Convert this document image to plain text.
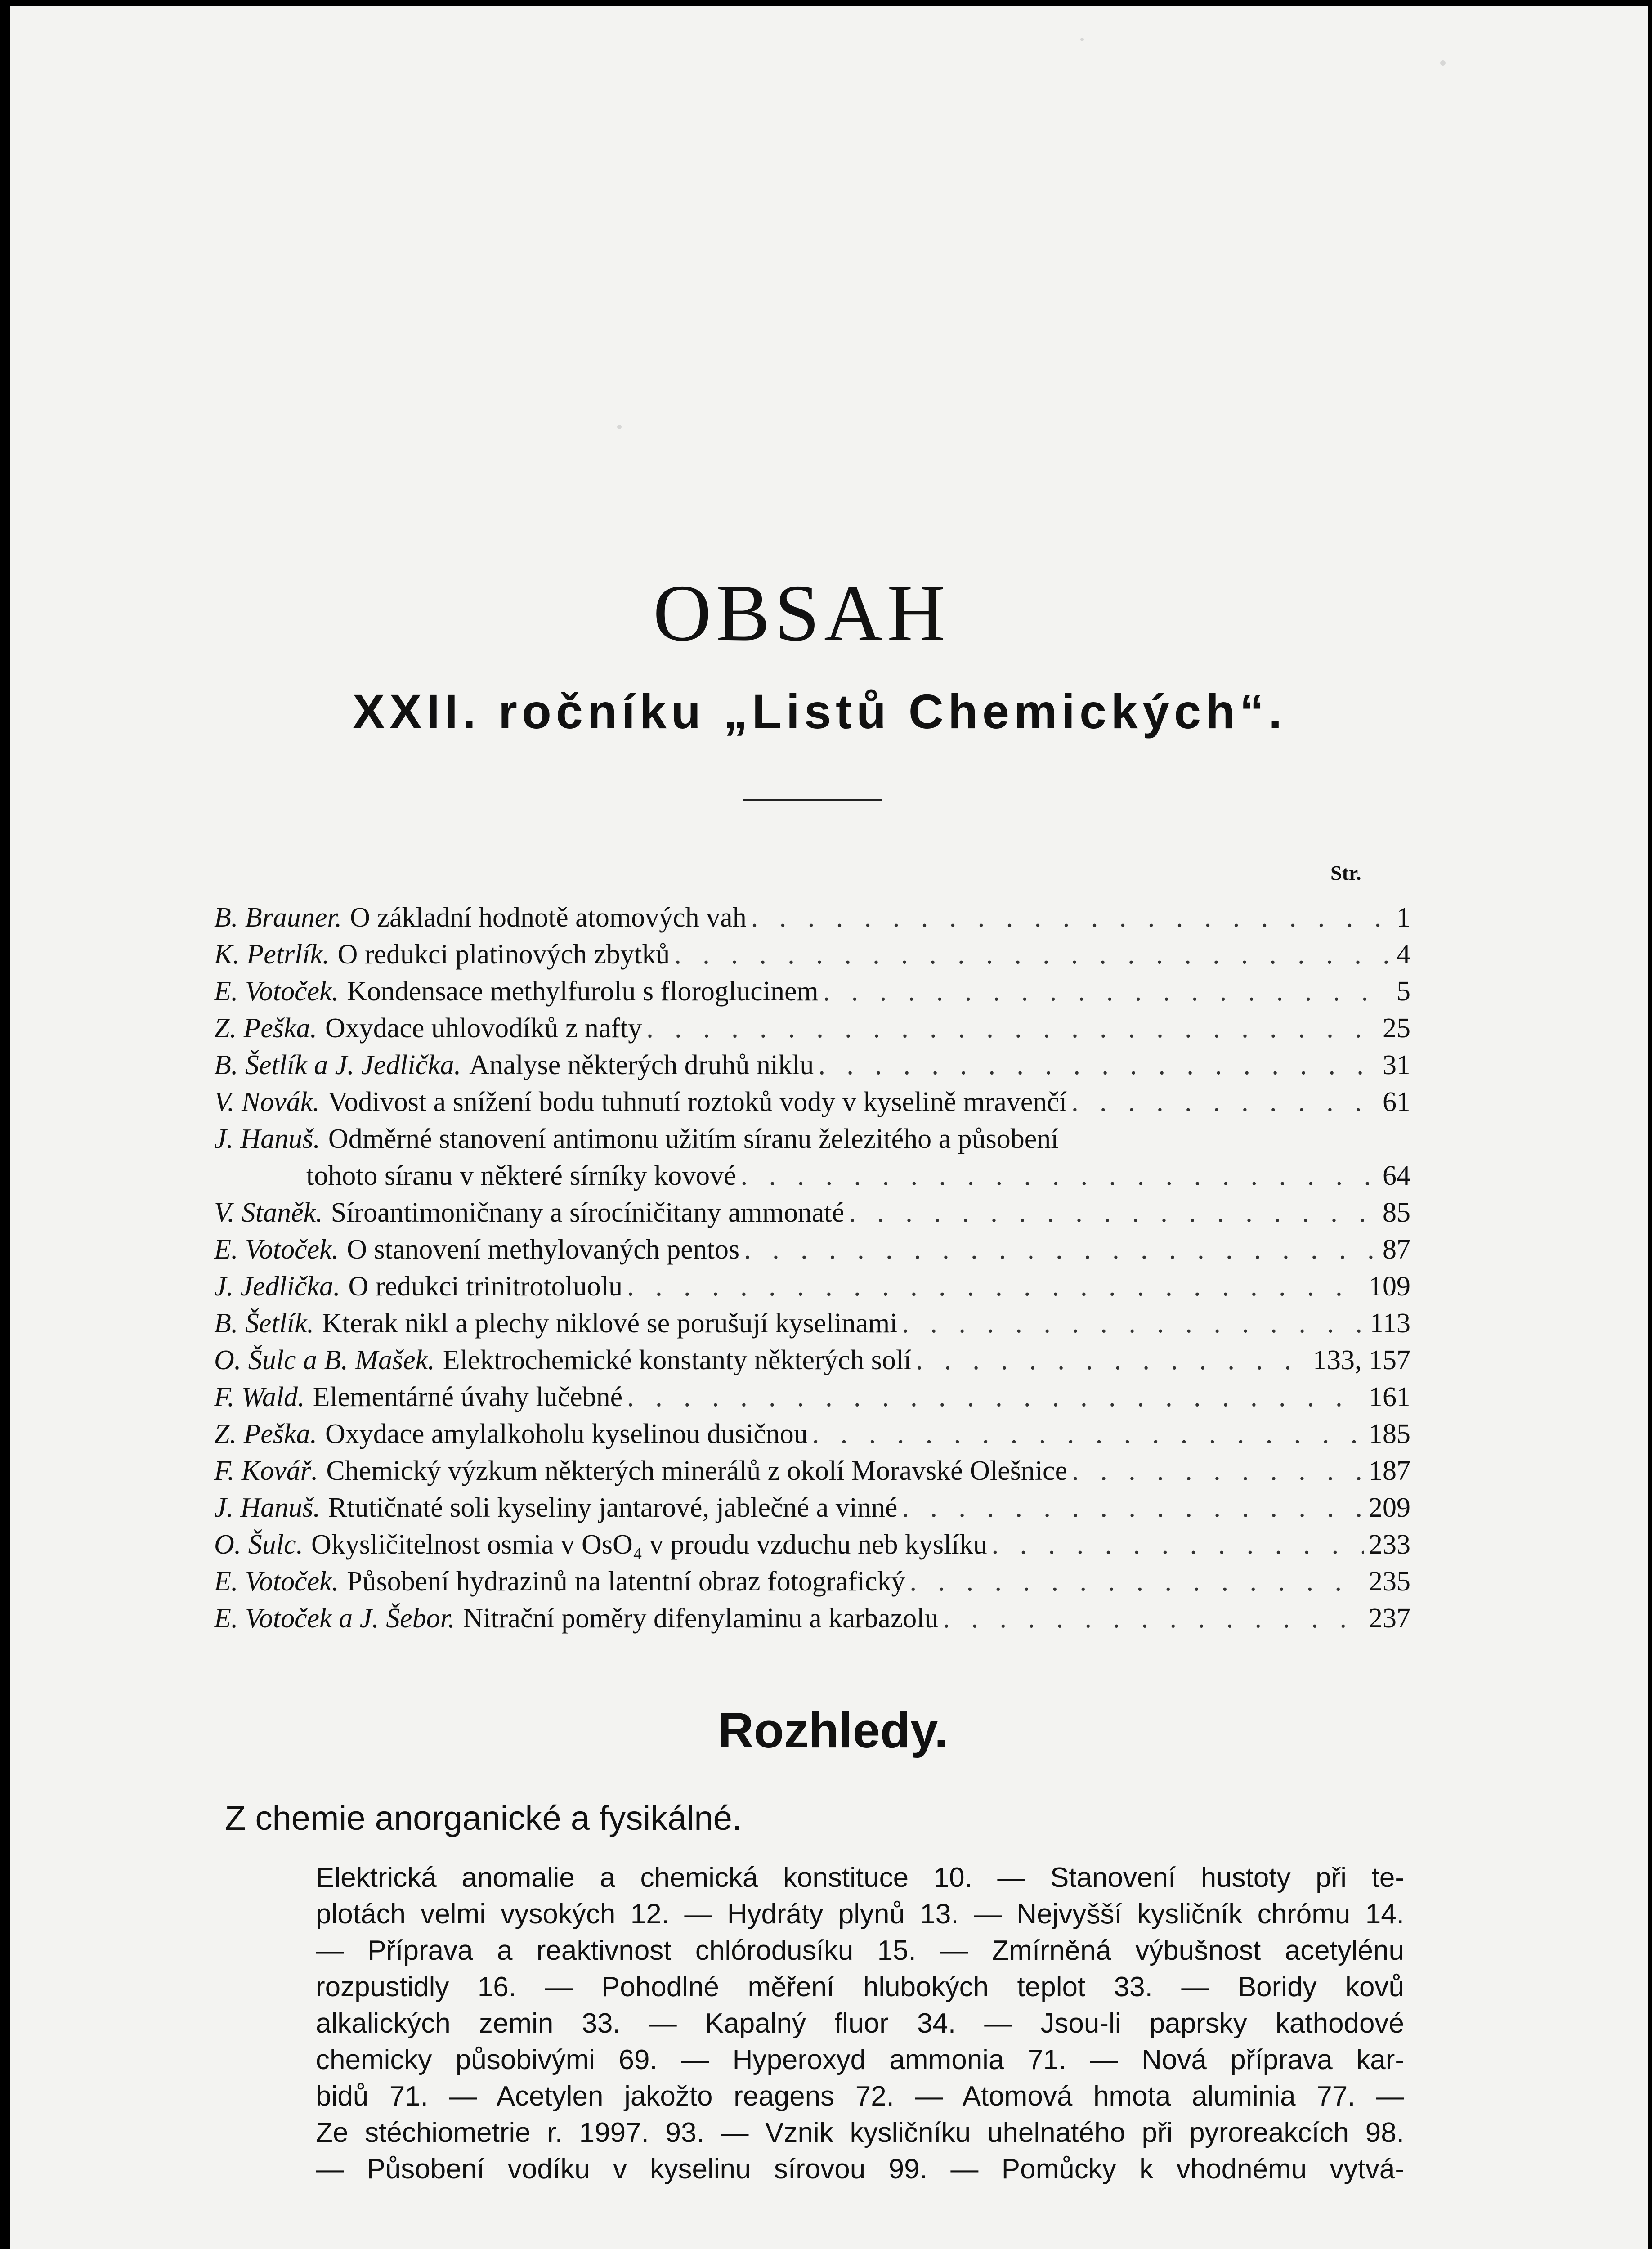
OBSAH
XXII. ročníku „Listů Chemických“.
Str.
B. Brauner. O základní hodnotě atomových vah . . .	1
K. Petrlík. O redukci platinových zbytků . . .	4
E. Votoček. Kondensace methylfurolu s floroglucinem . . .	5
Z. Peška. Oxydace uhlovodíků z nafty . . .	25
B. Šetlík a J. Jedlička. Analyse některých druhů niklu . . .	31
V. Novák. Vodivost a snížení bodu tuhnutí roztoků vody v kyselině mravenčí . . .	61
J. Hanuš. Odměrné stanovení antimonu užitím síranu železitého a působení
tohoto síranu v některé sírníky kovové . . .	64
V. Staněk. Síroantimoničnany a sírocíničitany ammonaté . . .	85
E. Votoček. O stanovení methylovaných pentos . . .	87
J. Jedlička. O redukci trinitrotoluolu . . .	109
B. Šetlík. Kterak nikl a plechy niklové se porušují kyselinami . . .	113
O. Šulc a B. Mašek. Elektrochemické konstanty některých solí . . .	133, 157
F. Wald. Elementárné úvahy lučebné . . .	161
Z. Peška. Oxydace amylalkoholu kyselinou dusičnou . . .	185
F. Kovář. Chemický výzkum některých minerálů z okolí Moravské Olešnice . . .	187
J. Hanuš. Rtutičnaté soli kyseliny jantarové, jablečné a vinné . . .	209
O. Šulc. Okysličitelnost osmia v OsO₄ v proudu vzduchu neb kyslíku . . .	233
E. Votoček. Působení hydrazinů na latentní obraz fotografický . . .	235
E. Votoček a J. Šebor. Nitrační poměry difenylaminu a karbazolu . . .	237
Rozhledy.
Z chemie anorganické a fysikálné.
Elektrická anomalie a chemická konstituce 10. — Stanovení hustoty při te-
plotách velmi vysokých 12. — Hydráty plynů 13. — Nejvyšší kysličník chrómu 14.
— Příprava a reaktivnost chlórodusíku 15. — Zmírněná výbušnost acetylénu
rozpustidly 16. — Pohodlné měření hlubokých teplot 33. — Boridy kovů
alkalických zemin 33. — Kapalný fluor 34. — Jsou-li paprsky kathodové
chemicky působivými 69. — Hyperoxyd ammonia 71. — Nová příprava kar-
bidů 71. — Acetylen jakožto reagens 72. — Atomová hmota aluminia 77. —
Ze stéchiometrie r. 1997. 93. — Vznik kysličníku uhelnatého při pyroreakcích 98.
— Působení vodíku v kyselinu sírovou 99. — Pomůcky k vhodnému vytvá-
